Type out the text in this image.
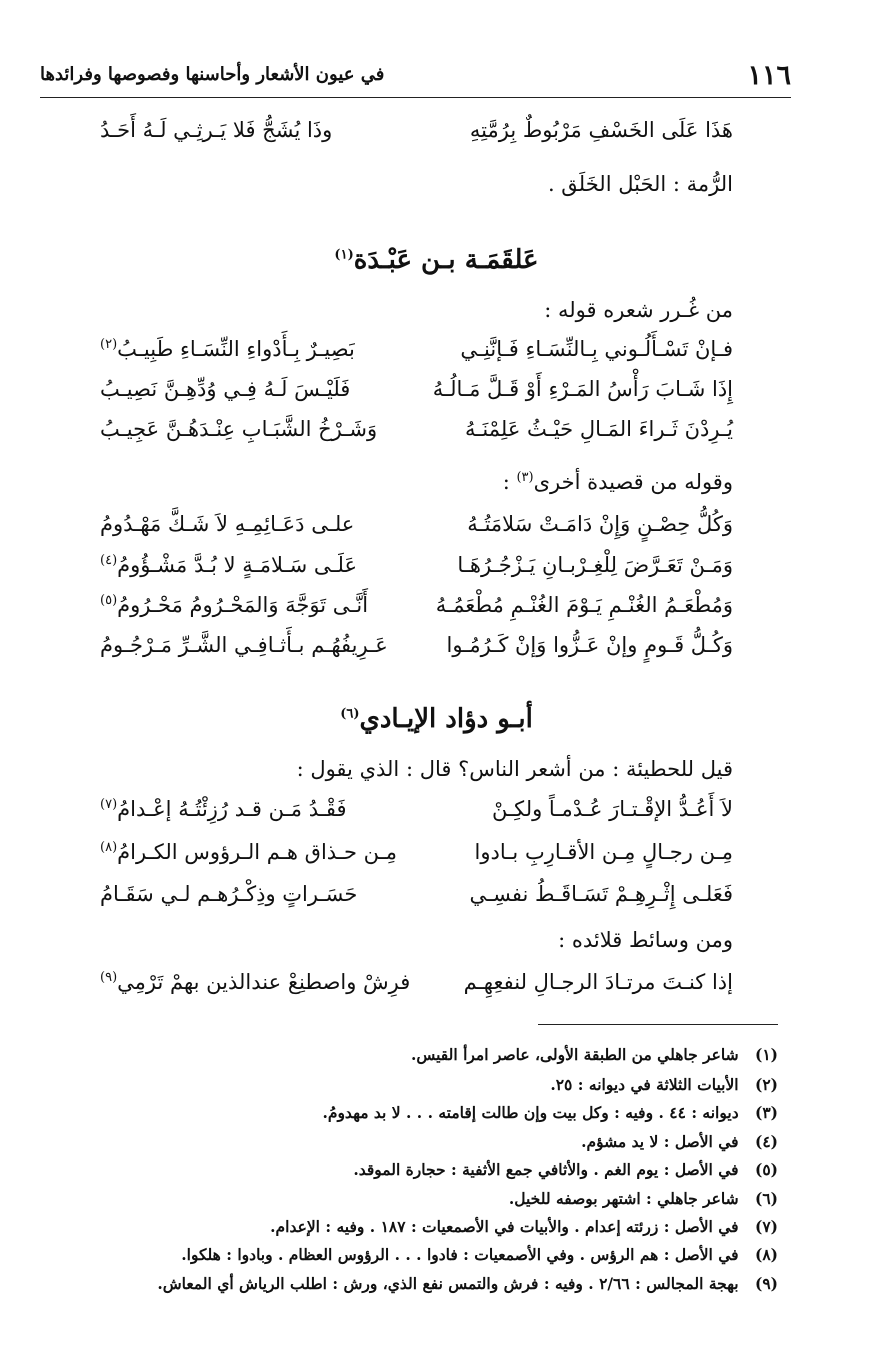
١١٦
في عيون الأشعار وأحاسنها وفصوصها وفرائدها
هَذَا عَلَى الخَسْفِ مَرْبُوطٌ بِرُمَّتِهِ
وذَا يُشَجُّ فَلا يَـرثِـي لَـهُ أَحَـدُ
الرُّمة : الحَبْل الخَلَق .
عَلقَمَـة بـن عَبْـدَة$^{(١)}$
من غُـرر شعره قوله :
فـإنْ تَسْـأَلُـوني بِـالنِّسَـاءِ فَـإنَّنِـي
بَصِيـرٌ بِـأَدْواءِ النِّسَـاءِ طَبِيـبُ$^{(٢)}$
إِذَا شَـابَ رَأْسُ المَـرْءِ أَوْ قَـلَّ مَـالُـهُ
فَلَيْـسَ لَـهُ فِـي وُدِّهِـنَّ نَصِيـبُ
يُـرِدْنَ ثَـراءَ المَـالِ حَيْـثُ عَلِمْنَـهُ
وَشَـرْخُ الشَّبَـابِ عِنْـدَهُـنَّ عَجِيـبُ
وقوله من قصيدة أخرى$^{(٣)}$ :
وَكُلُّ حِصْـنٍ وَإِنْ دَامَـتْ سَلامَتُـهُ
علـى دَعَـائِمِـهِ لاَ شَـكَّ مَهْـدُومُ
وَمَـنْ تَعَـرَّضَ لِلْغِـرْبـانِ يَـزْجُـرُهَـا
عَلَـى سَـلامَـةٍ لا بُـدَّ مَشْـؤُومُ$^{(٤)}$
وَمُطْعَـمُ الغُنْـمِ يَـوْمَ الغُنْـمِ مُطْعَمُـهُ
أَنَّـى تَوَجَّهَ وَالمَحْـرُومُ مَحْـرُومُ$^{(٥)}$
وَكُـلُّ قَـومٍ وإنْ عَـزُّوا وَإنْ كَـرُمُـوا
عَـرِيفُهُـم بـأَثـافِـي الشَّـرِّ مَـرْجُـومُ
أبـو دؤاد الإيـادي$^{(٦)}$
قيل للحطيئة : من أشعر الناس؟ قال : الذي يقول :
لاَ أَعُـدُّ الإقْـتـارَ عُـدْمـاً ولكِـنْ
فَقْـدُ مَـن قـد رُزِئْتُـهُ إعْـدامُ$^{(٧)}$
مِـن رجـالٍ مِـن الأقـارِبِ بـادوا
مِـن حـذاق هـم الـرؤوس الكـرامُ$^{(٨)}$
فَعَلـى إِثْـرِهِـمْ تَسَـاقَـطُ نفسِـي
حَسَـراتٍ وذِكْـرُهـم لـي سَقَـامُ
ومن وسائط قلائده :
إذا كنـتَ مرتـادَ الرجـالِ لنفعِهِـم
فرِشْ واصطنِعْ عندالذين بهمْ تَرْمِي$^{(٩)}$
(١) شاعر جاهلي من الطبقة الأولى، عاصر امرأ القيس.
(٢) الأبيات الثلاثة في ديوانه : ٢٥.
(٣) ديوانه : ٤٤ . وفيه : وكل بيت وإن طالت إقامته . . . لا بد مهدومُ.
(٤) في الأصل : لا يد مشؤم.
(٥) في الأصل : يوم الغم . والأثافي جمع الأثفية : حجارة الموقد.
(٦) شاعر جاهلي : اشتهر بوصفه للخيل.
(٧) في الأصل : زرئته إعدام . والأبيات في الأصمعيات : ١٨٧ . وفيه : الإعدام.
(٨) في الأصل : هم الرؤس . وفي الأصمعيات : فادوا . . . الرؤوس العظام . وبادوا : هلكوا.
(٩) بهجة المجالس : ٢/٦٦ . وفيه : فرش والتمس نفع الذي، ورش : اطلب الرياش أي المعاش.
